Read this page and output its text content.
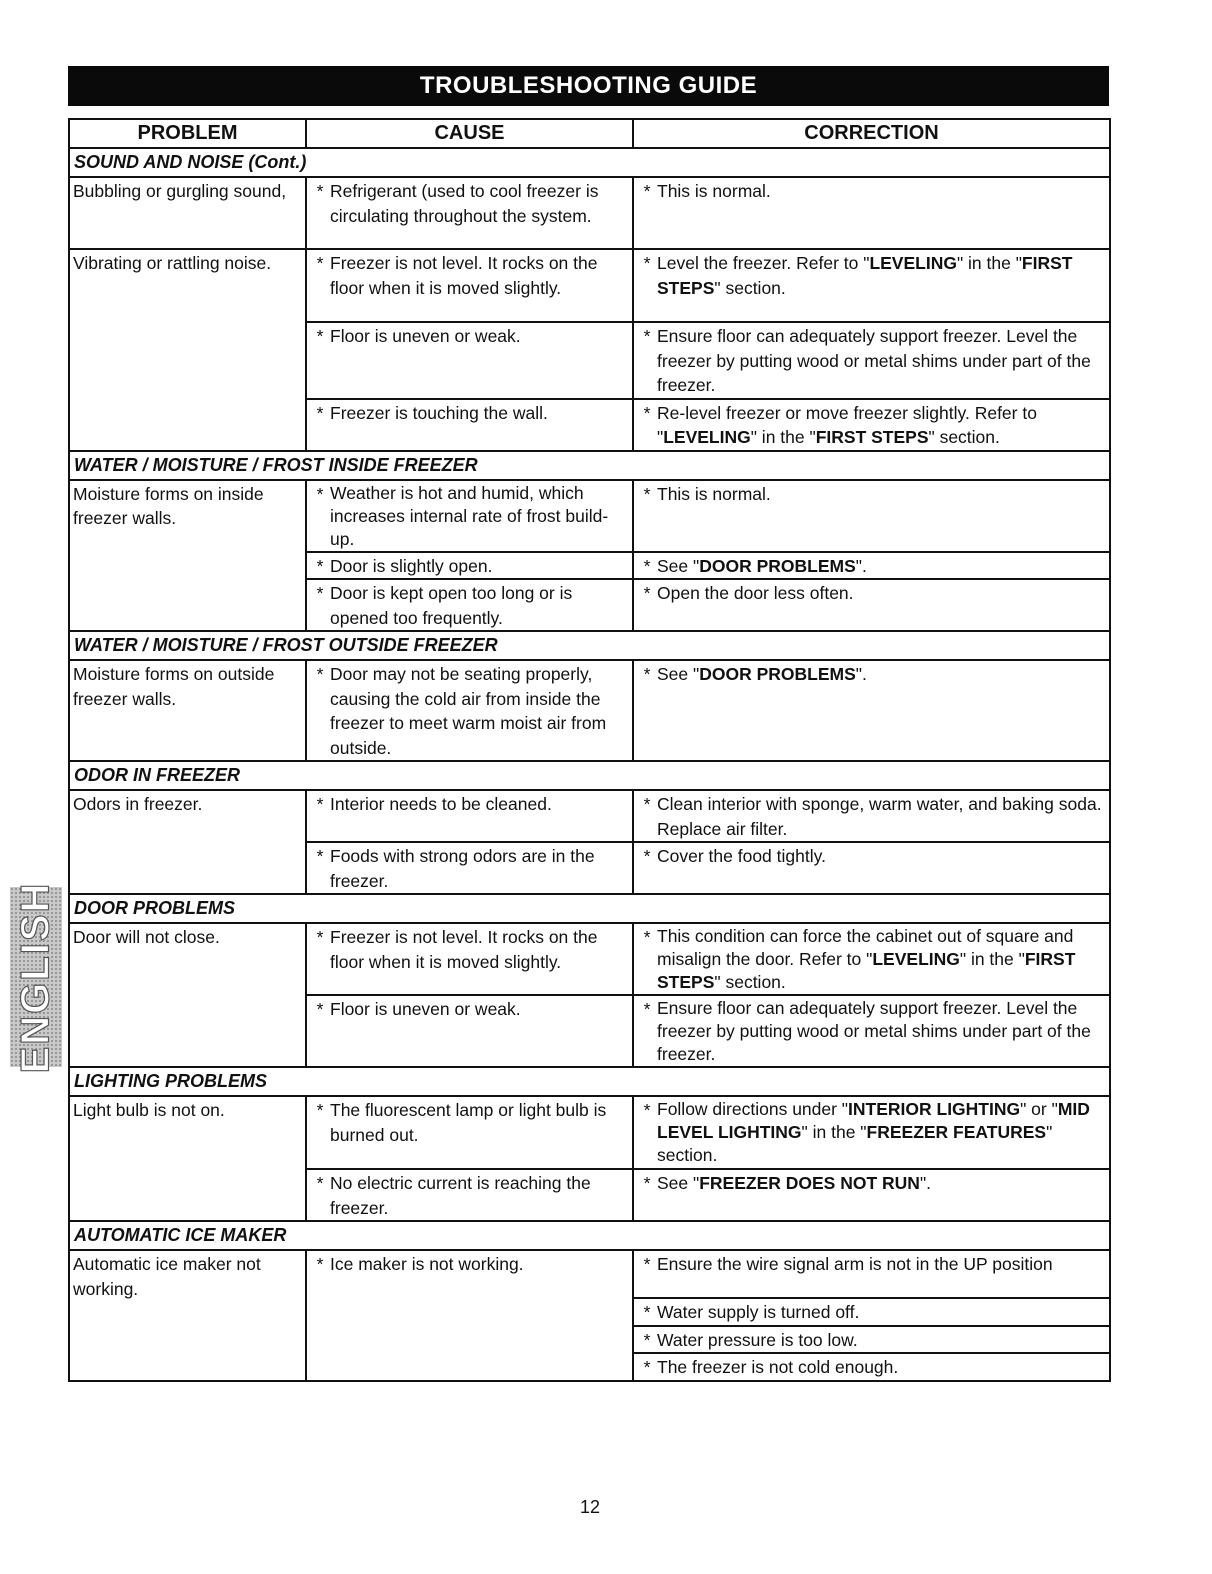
TROUBLESHOOTING GUIDE
PROBLEM	CAUSE	CORRECTION
SOUND AND NOISE (Cont.)		
Bubbling or gurgling sound,	* Refrigerant (used to cool freezer is circulating throughout the system.	* This is normal.

Vibrating or rattling noise.	* Freezer is not level. It rocks on the floor when it is moved slightly.	* Level the freezer. Refer to "LEVELING" in the "FIRST STEPS" section.

	* Floor is uneven or weak.	* Ensure floor can adequately support freezer. Level the freezer by putting wood or metal shims under part of the freezer.

	* Freezer is touching the wall.	* Re-level freezer or move freezer slightly. Refer to "LEVELING" in the "FIRST STEPS" section.

WATER / MOISTURE / FROST INSIDE FREEZER		
Moisture forms on inside freezer walls.	* Weather is hot and humid, which increases internal rate of frost build-up.	* This is normal.

	* Door is slightly open.	* See "DOOR PROBLEMS".

	* Door is kept open too long or is opened too frequently.	* Open the door less often.

WATER / MOISTURE / FROST OUTSIDE FREEZER		
Moisture forms on outside freezer walls.	* Door may not be seating properly, causing the cold air from inside the freezer to meet warm moist air from outside.	* See "DOOR PROBLEMS".

ODOR IN FREEZER		
Odors in freezer.	* Interior needs to be cleaned.	* Clean interior with sponge, warm water, and baking soda. Replace air filter.

	* Foods with strong odors are in the freezer.	* Cover the food tightly.

DOOR PROBLEMS		
Door will not close.	* Freezer is not level. It rocks on the floor when it is moved slightly.	* This condition can force the cabinet out of square and misalign the door. Refer to "LEVELING" in the "FIRST STEPS" section.

	* Floor is uneven or weak.	* Ensure floor can adequately support freezer. Level the freezer by putting wood or metal shims under part of the freezer.

LIGHTING PROBLEMS		
Light bulb is not on.	* The fluorescent lamp or light bulb is burned out.	* Follow directions under "INTERIOR LIGHTING" or "MID LEVEL LIGHTING" in the "FREEZER FEATURES" section.

	* No electric current is reaching the freezer.	* See "FREEZER DOES NOT RUN".

AUTOMATIC ICE MAKER		
Automatic ice maker not working.	* Ice maker is not working.	* Ensure the wire signal arm is not in the UP position

		* Water supply is turned off.

		* Water pressure is too low.

		* The freezer is not cold enough.
ENGLISH
12
